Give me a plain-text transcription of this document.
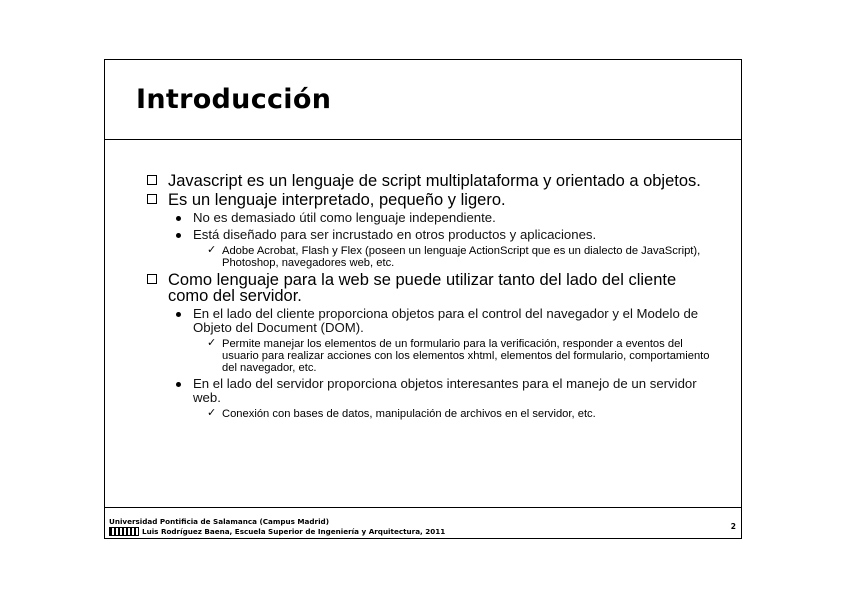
Introducción
Javascript es un lenguaje de script multiplataforma y orientado a objetos.
Es un lenguaje interpretado, pequeño y ligero.
No es demasiado útil como lenguaje independiente.
Está diseñado para ser incrustado en otros productos y aplicaciones.
✓ Adobe Acrobat, Flash y Flex (poseen un lenguaje ActionScript que es un dialecto de JavaScript), Photoshop, navegadores web, etc.
Como lenguaje para la web se puede utilizar tanto del lado del cliente como del servidor.
En el lado del cliente proporciona objetos para el control del navegador y el Modelo de Objeto del Document (DOM).
✓ Permite manejar los elementos de un formulario para la verificación, responder a eventos del usuario para realizar acciones con los elementos xhtml, elementos del formulario, comportamiento del navegador, etc.
En el lado del servidor proporciona objetos interesantes para el manejo de un servidor web.
✓ Conexión con bases de datos, manipulación de archivos en el servidor, etc.
Universidad Pontificia de Salamanca (Campus Madrid)
Luis Rodríguez Baena, Escuela Superior de Ingeniería y Arquitectura, 2011
2
